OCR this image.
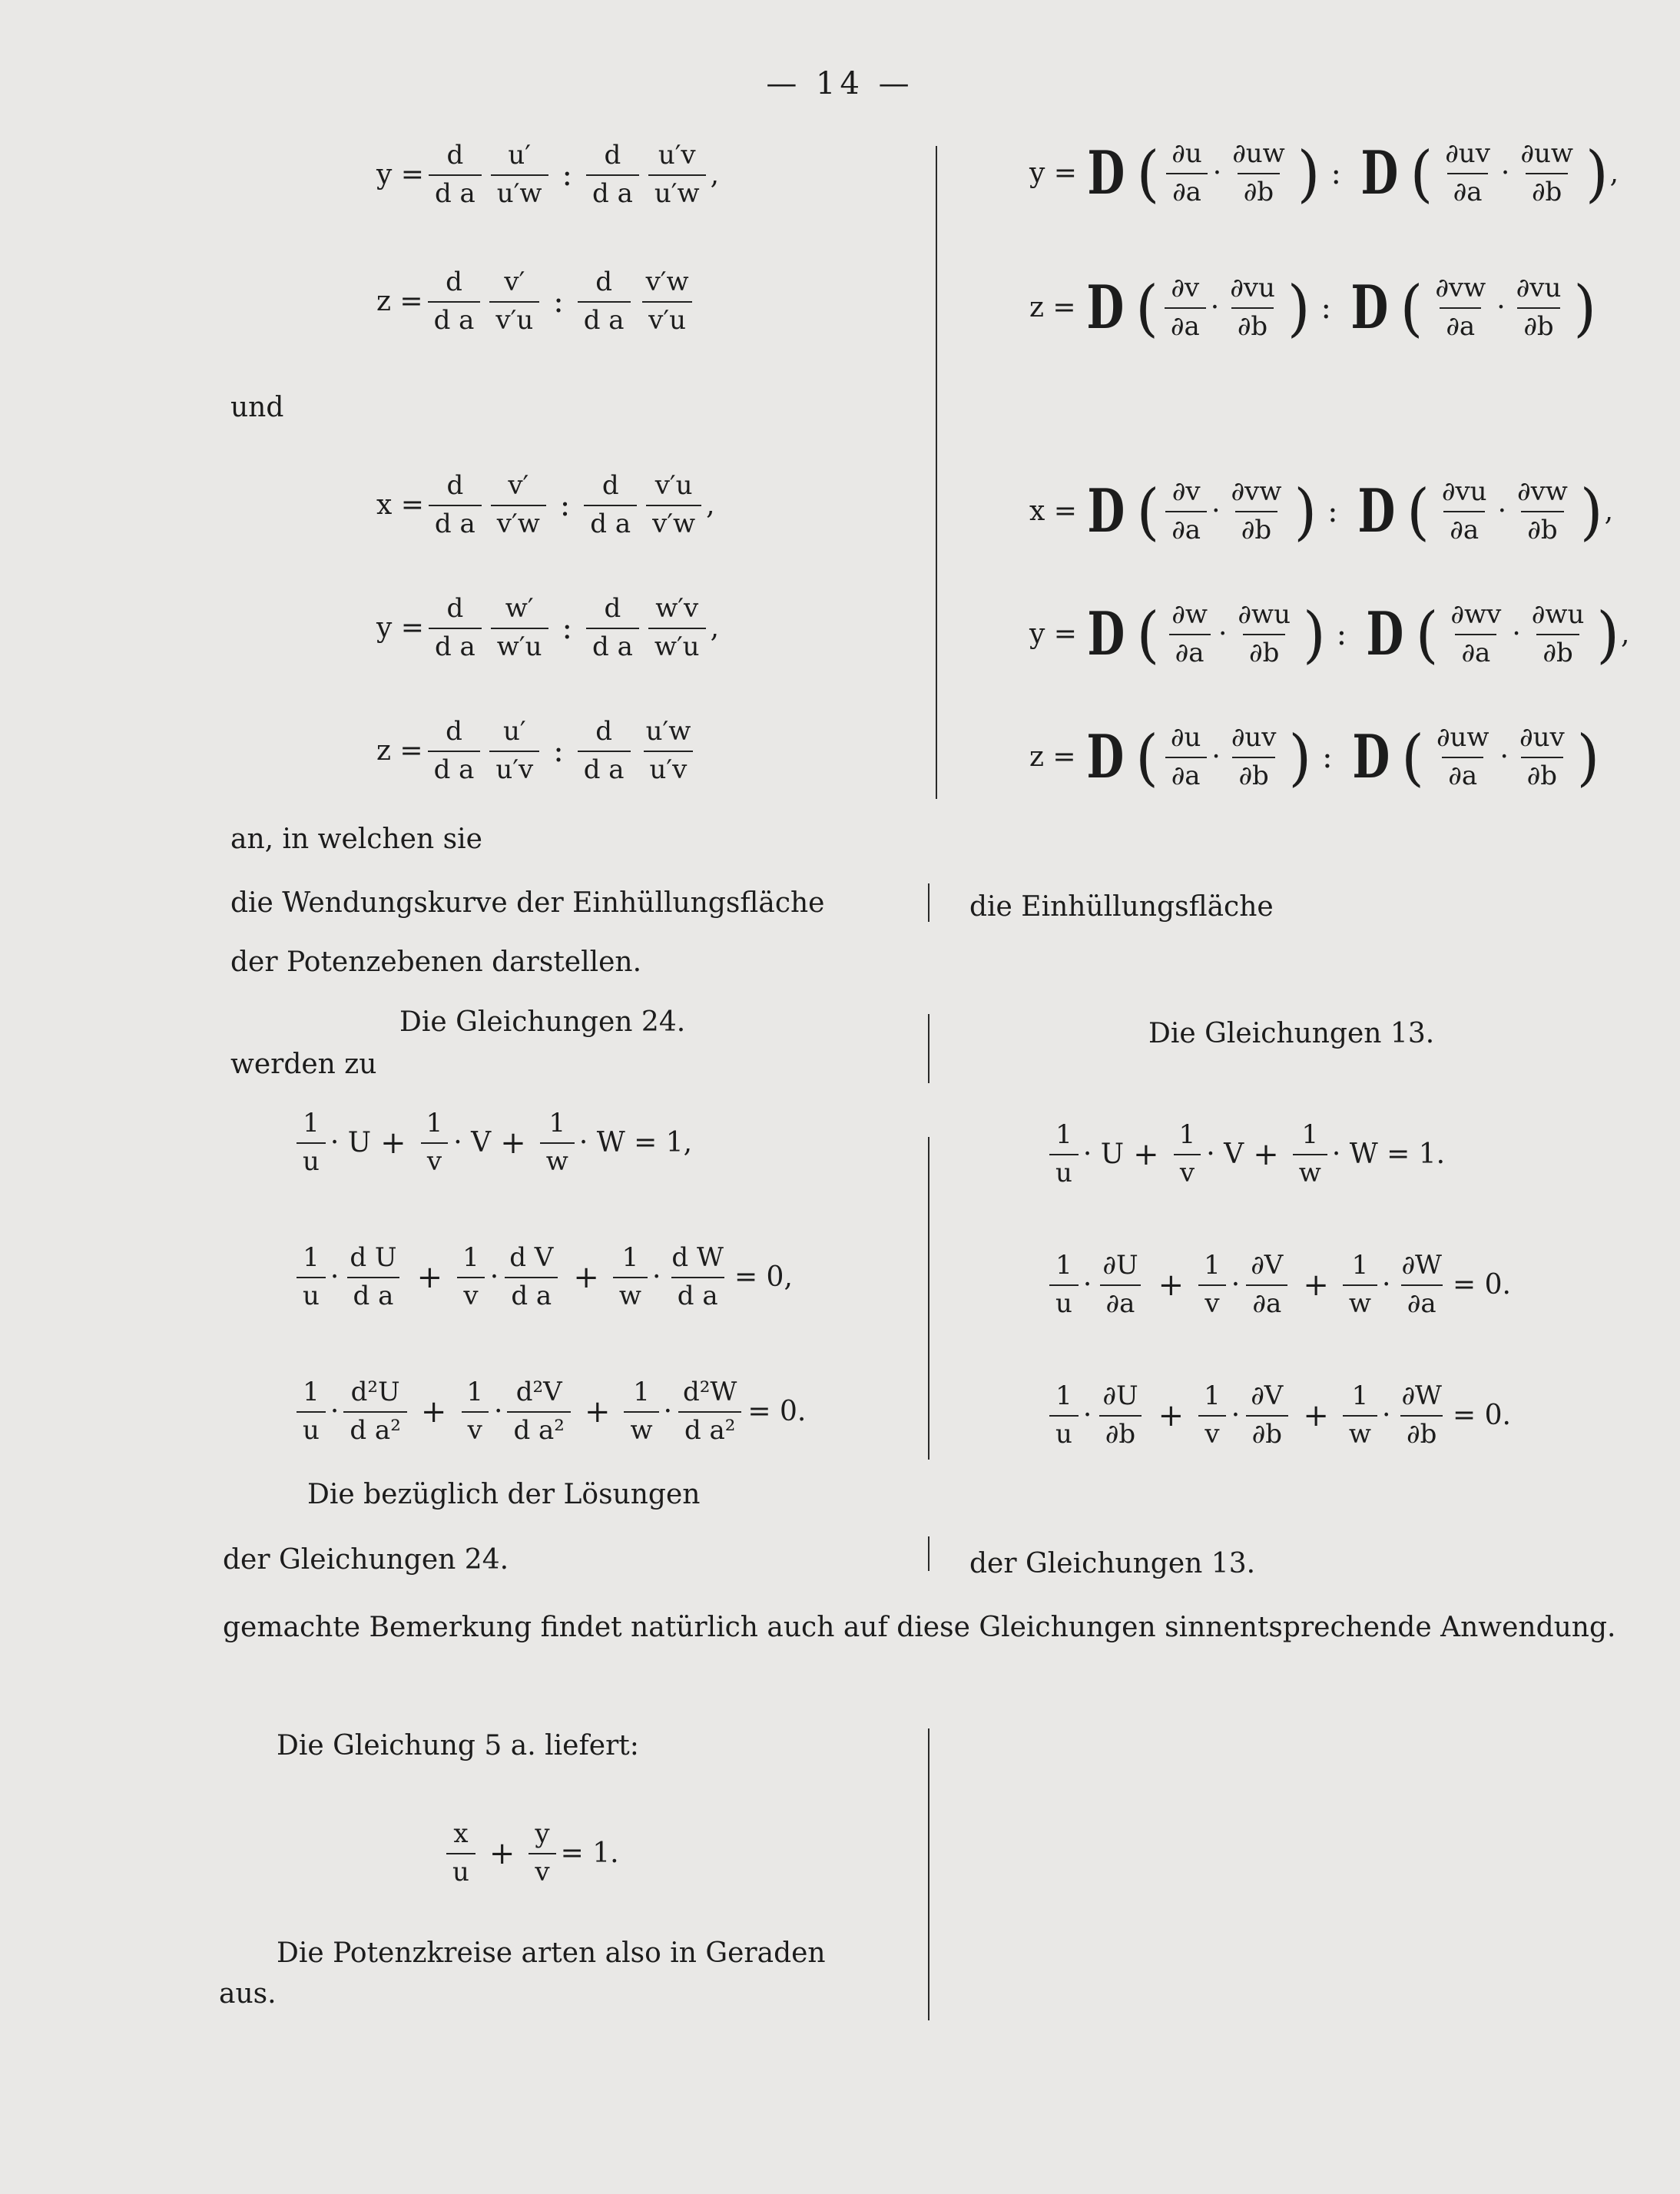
— 14 —
$y = \frac{d}{\text{d a}} \frac{u'}{u'w}$ : $\frac{d}{\text{d a}} \frac{u'v}{u'w}$ ,
$z = \frac{d}{\text{d a}} \frac{v'}{v'u}$ : $\frac{d}{\text{d a}} \frac{v'w}{v'u}$
und
$x = \frac{d}{\text{d a}} \frac{v'}{v'w}$ : $\frac{d}{\text{d a}} \frac{v'u}{v'w}$ ,
$y = \frac{d}{\text{d a}} \frac{w'}{w'u}$ : $\frac{d}{\text{d a}} \frac{w'v}{w'u}$ ,
$z = \frac{d}{\text{d a}} \frac{u'}{u'v}$ : $\frac{d}{\text{d a}} \frac{u'w}{u'v}$
y = D ( $\frac{\partial u}{\partial a} \cdot \frac{\partial uw}{\partial b}$ ) : D ( $\frac{\partial uv}{\partial a} \cdot \frac{\partial uw}{\partial b}$ ) ,
z = D ( $\frac{\partial v}{\partial a} \cdot \frac{\partial vu}{\partial b}$ ) : D ( $\frac{\partial vw}{\partial a} \cdot \frac{\partial vu}{\partial b}$ )
x = D ( $\frac{\partial v}{\partial a} \cdot \frac{\partial vw}{\partial b}$ ) : D ( $\frac{\partial vu}{\partial a} \cdot \frac{\partial vw}{\partial b}$ ) ,
y = D ( $\frac{\partial w}{\partial a} \cdot \frac{\partial wu}{\partial b}$ ) : D ( $\frac{\partial wv}{\partial a} \cdot \frac{\partial wu}{\partial b}$ ) ,
z = D ( $\frac{\partial u}{\partial a} \cdot \frac{\partial uv}{\partial b}$ ) : D ( $\frac{\partial uw}{\partial a} \cdot \frac{\partial uv}{\partial b}$ )
an, in welchen sie
die Wendungskurve der Einhüllungsfläche	die Einhüllungsfläche
der Potenzebenen darstellen.
Die Gleichungen 24.	Die Gleichungen 13.
werden zu
$\frac{1}{u} \cdot U + \frac{1}{v} \cdot V + \frac{1}{w}$ ·
W = 1,
$\frac{1}{u} \cdot \frac{\text{d U}}{\text{d a}} + \frac{1}{v} \cdot \frac{\text{d V}}{\text{d a}} + \frac{1}{w} \cdot \frac{\text{d W}}{\text{d a}} = 0$,
$\frac{1}{u} \cdot \frac{\text{d²U}}{\text{d a²}} + \frac{1}{v} \cdot \frac{\text{d²V}}{\text{d a²}} + \frac{1}{w} \cdot \frac{\text{d²W}}{\text{d a²}} = 0$.
$\frac{1}{u} \cdot U + \frac{1}{v} \cdot V + \frac{1}{w}$ ·
W = 1.
$\frac{1}{u} \cdot \frac{\partial U}{\partial a} + \frac{1}{v} \cdot \frac{\partial V}{\partial a} + \frac{1}{w} \cdot \frac{\partial W}{\partial a} = 0$.
$\frac{1}{u} \cdot \frac{\partial U}{\partial b} + \frac{1}{v} \cdot \frac{\partial V}{\partial b} + \frac{1}{w} \cdot \frac{\partial W}{\partial b} = 0$.
Die bezüglich der Lösungen
der Gleichungen 24.	der Gleichungen 13.
gemachte Bemerkung findet natürlich auch auf diese Gleichungen sinnentsprechende Anwendung.
Die Gleichung 5 a. liefert:
$\frac{x}{u} + \frac{y}{v} = 1$.
Die Potenzkreise arten also in Geraden
aus.
